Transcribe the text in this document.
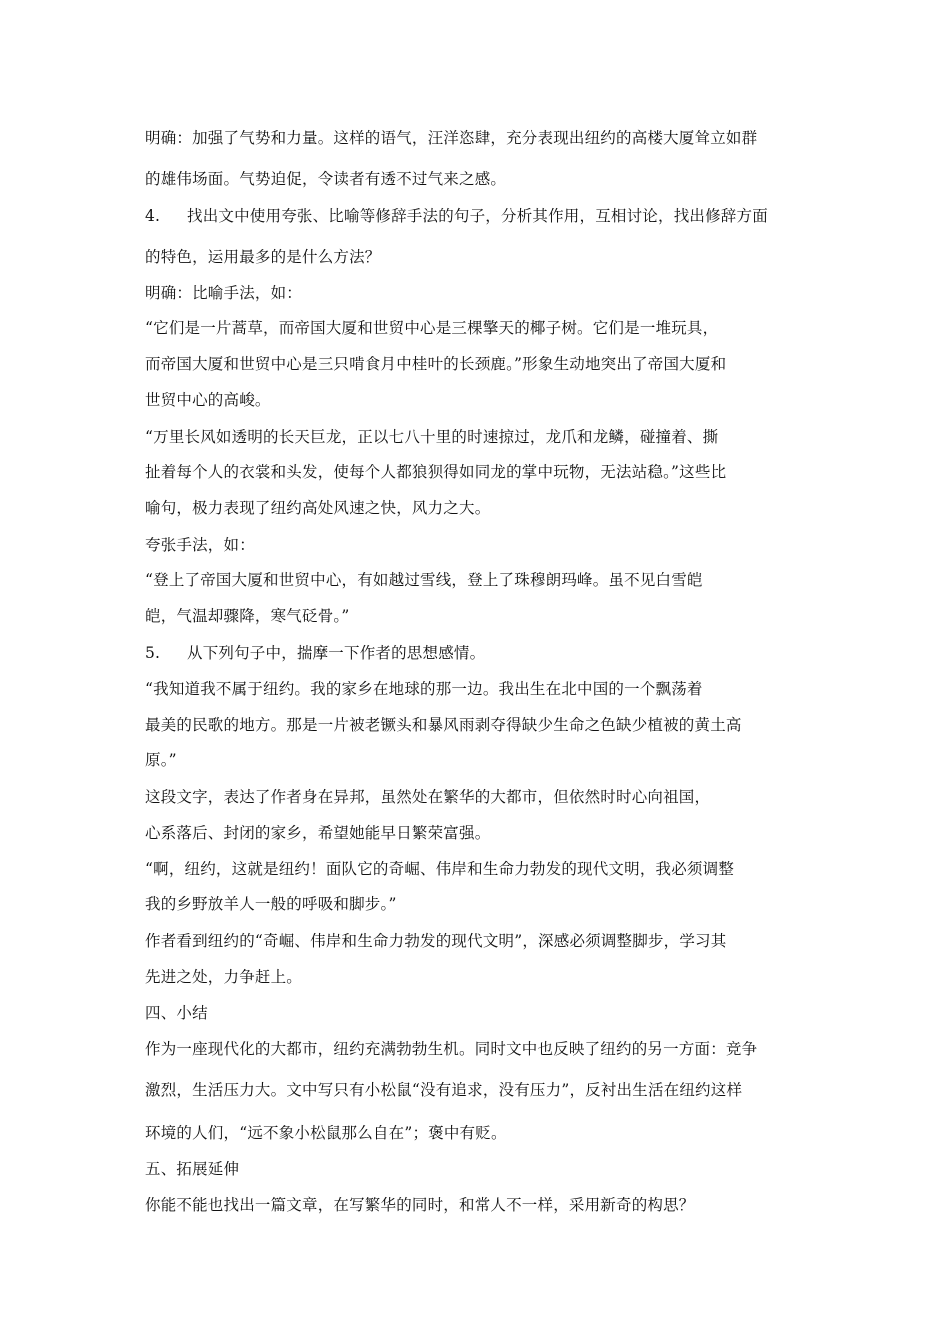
明确：加强了气势和力量。这样的语气，汪洋恣肆，充分表现出纽约的高楼大厦耸立如群
的雄伟场面。气势迫促，令读者有透不过气来之感。
4. 找出文中使用夸张、比喻等修辞手法的句子，分析其作用，互相讨论，找出修辞方面
的特色，运用最多的是什么方法？
明确：比喻手法，如：
“它们是一片蒿草，而帝国大厦和世贸中心是三棵擎天的椰子树。它们是一堆玩具，
而帝国大厦和世贸中心是三只啃食月中桂叶的长颈鹿。”形象生动地突出了帝国大厦和
世贸中心的高峻。
“万里长风如透明的长天巨龙，正以七八十里的时速掠过，龙爪和龙鳞，碰撞着、撕
扯着每个人的衣裳和头发，使每个人都狼狈得如同龙的掌中玩物，无法站稳。”这些比
喻句，极力表现了纽约高处风速之快，风力之大。
夸张手法，如：
“登上了帝国大厦和世贸中心，有如越过雪线，登上了珠穆朗玛峰。虽不见白雪皑
皑，气温却骤降，寒气砭骨。”
5. 从下列句子中，揣摩一下作者的思想感情。
“我知道我不属于纽约。我的家乡在地球的那一边。我出生在北中国的一个飘荡着
最美的民歌的地方。那是一片被老镢头和暴风雨剥夺得缺少生命之色缺少植被的黄土高
原。”
这段文字，表达了作者身在异邦，虽然处在繁华的大都市，但依然时时心向祖国，
心系落后、封闭的家乡，希望她能早日繁荣富强。
“啊，纽约，这就是纽约！面队它的奇崛、伟岸和生命力勃发的现代文明，我必须调整
我的乡野放羊人一般的呼吸和脚步。”
作者看到纽约的“奇崛、伟岸和生命力勃发的现代文明”，深感必须调整脚步，学习其
先进之处，力争赶上。
四、小结
作为一座现代化的大都市，纽约充满勃勃生机。同时文中也反映了纽约的另一方面：竞争
激烈，生活压力大。文中写只有小松鼠“没有追求，没有压力”，反衬出生活在纽约这样
环境的人们，“远不象小松鼠那么自在”；褒中有贬。
五、拓展延伸
你能不能也找出一篇文章，在写繁华的同时，和常人不一样，采用新奇的构思？
